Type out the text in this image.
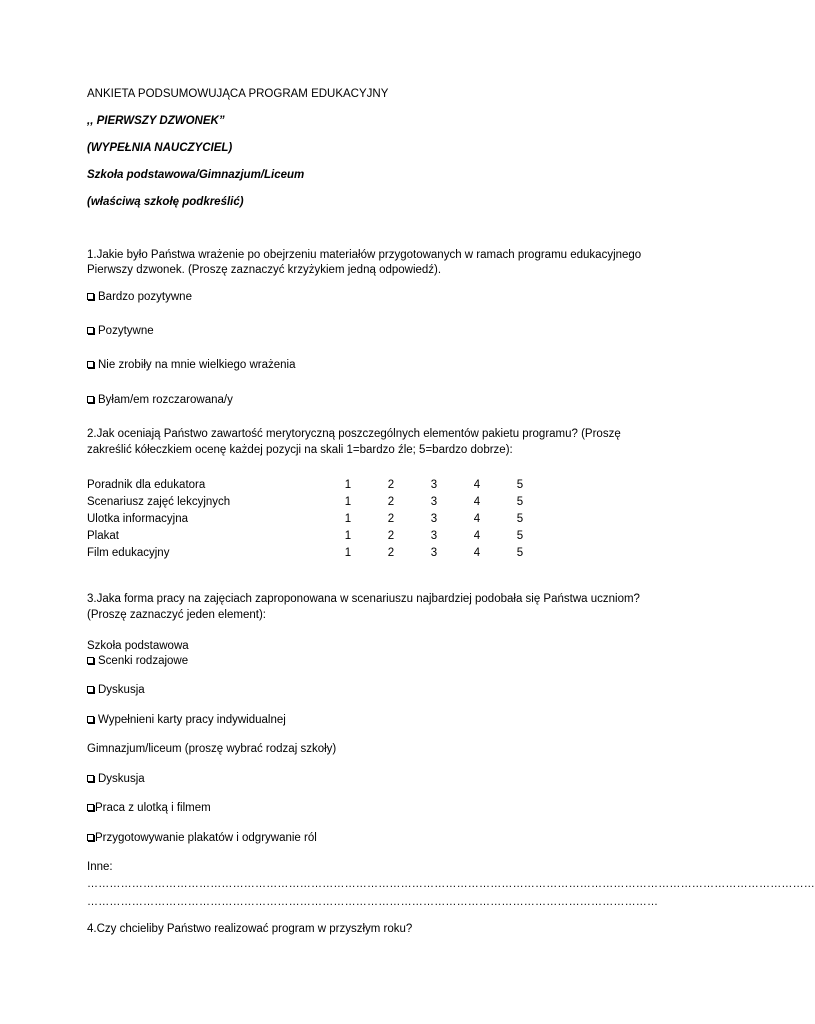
ANKIETA PODSUMOWUJĄCA PROGRAM EDUKACYJNY
,, PIERWSZY DZWONEK”
(WYPEŁNIA NAUCZYCIEL)
Szkoła podstawowa/Gimnazjum/Liceum
(właściwą szkołę podkreślić)
1.Jakie było Państwa wrażenie po obejrzeniu materiałów przygotowanych w ramach programu edukacyjnego
Pierwszy dzwonek. (Proszę zaznaczyć krzyżykiem jedną odpowiedź).
Bardzo pozytywne
Pozytywne
Nie zrobiły na mnie wielkiego wrażenia
Byłam/em rozczarowana/y
2.Jak oceniają Państwo zawartość merytoryczną poszczególnych elementów pakietu programu? (Proszę
zakreślić kółeczkiem ocenę każdej pozycji na skali 1=bardzo źle; 5=bardzo dobrze):
Poradnik dla edukatora	1	2	3	4	5
Scenariusz zajęć lekcyjnych	1	2	3	4	5
Ulotka informacyjna	1	2	3	4	5
Plakat	1	2	3	4	5
Film edukacyjny	1	2	3	4	5
3.Jaka forma pracy na zajęciach zaproponowana w scenariuszu najbardziej podobała się Państwa uczniom?
(Proszę zaznaczyć jeden element):
Szkoła podstawowa
Scenki rodzajowe
Dyskusja
Wypełnieni karty pracy indywidualnej
Gimnazjum/liceum (proszę wybrać rodzaj szkoły)
Dyskusja
Praca z ulotką i filmem
Przygotowywanie plakatów i odgrywanie ról
Inne:
……………………………………………………………………………………………………………………………………………………………………………
………………………………………………………………………………………………………………………………………
4.Czy chcieliby Państwo realizować program w przyszłym roku?
